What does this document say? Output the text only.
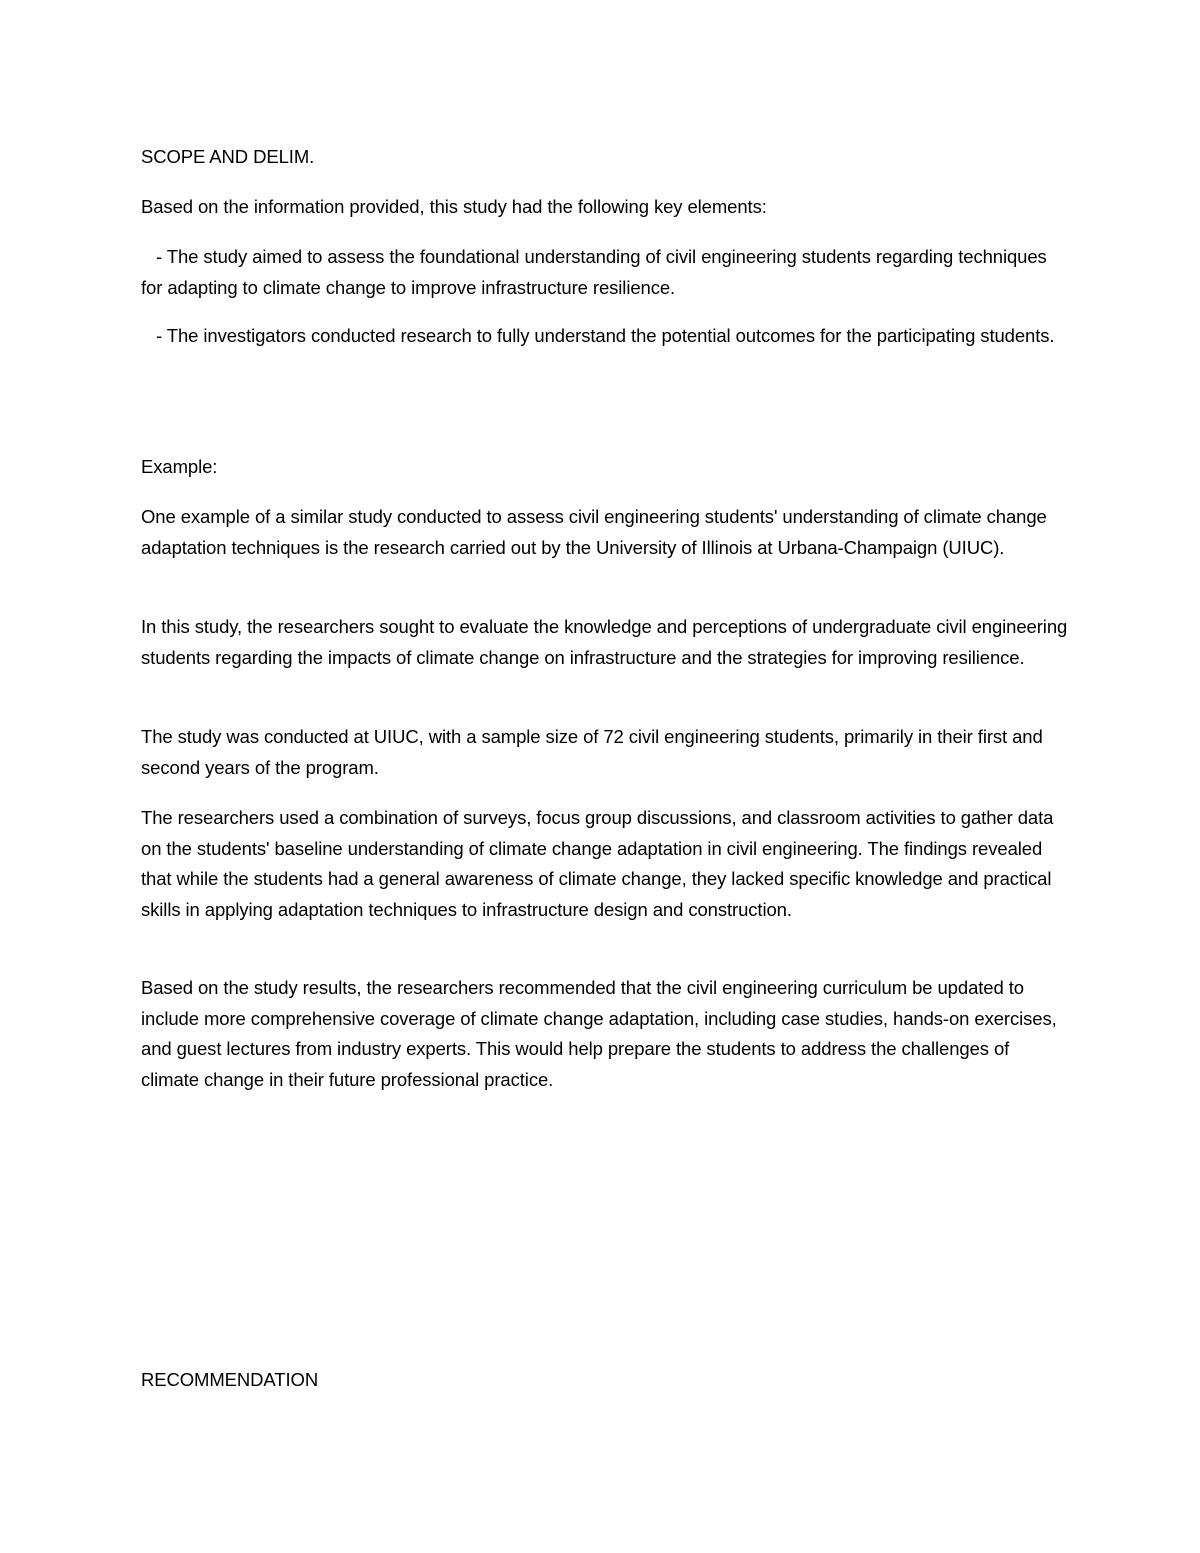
SCOPE AND DELIM.

Based on the information provided, this study had the following key elements:

- The study aimed to assess the foundational understanding of civil engineering students regarding techniques for adapting to climate change to improve infrastructure resilience.

- The investigators conducted research to fully understand the potential outcomes for the participating students.

Example:

One example of a similar study conducted to assess civil engineering students' understanding of climate change adaptation techniques is the research carried out by the University of Illinois at Urbana-Champaign (UIUC).

In this study, the researchers sought to evaluate the knowledge and perceptions of undergraduate civil engineering students regarding the impacts of climate change on infrastructure and the strategies for improving resilience.

The study was conducted at UIUC, with a sample size of 72 civil engineering students, primarily in their first and second years of the program.

The researchers used a combination of surveys, focus group discussions, and classroom activities to gather data on the students' baseline understanding of climate change adaptation in civil engineering. The findings revealed that while the students had a general awareness of climate change, they lacked specific knowledge and practical skills in applying adaptation techniques to infrastructure design and construction.

Based on the study results, the researchers recommended that the civil engineering curriculum be updated to include more comprehensive coverage of climate change adaptation, including case studies, hands-on exercises, and guest lectures from industry experts. This would help prepare the students to address the challenges of climate change in their future professional practice.

RECOMMENDATION
